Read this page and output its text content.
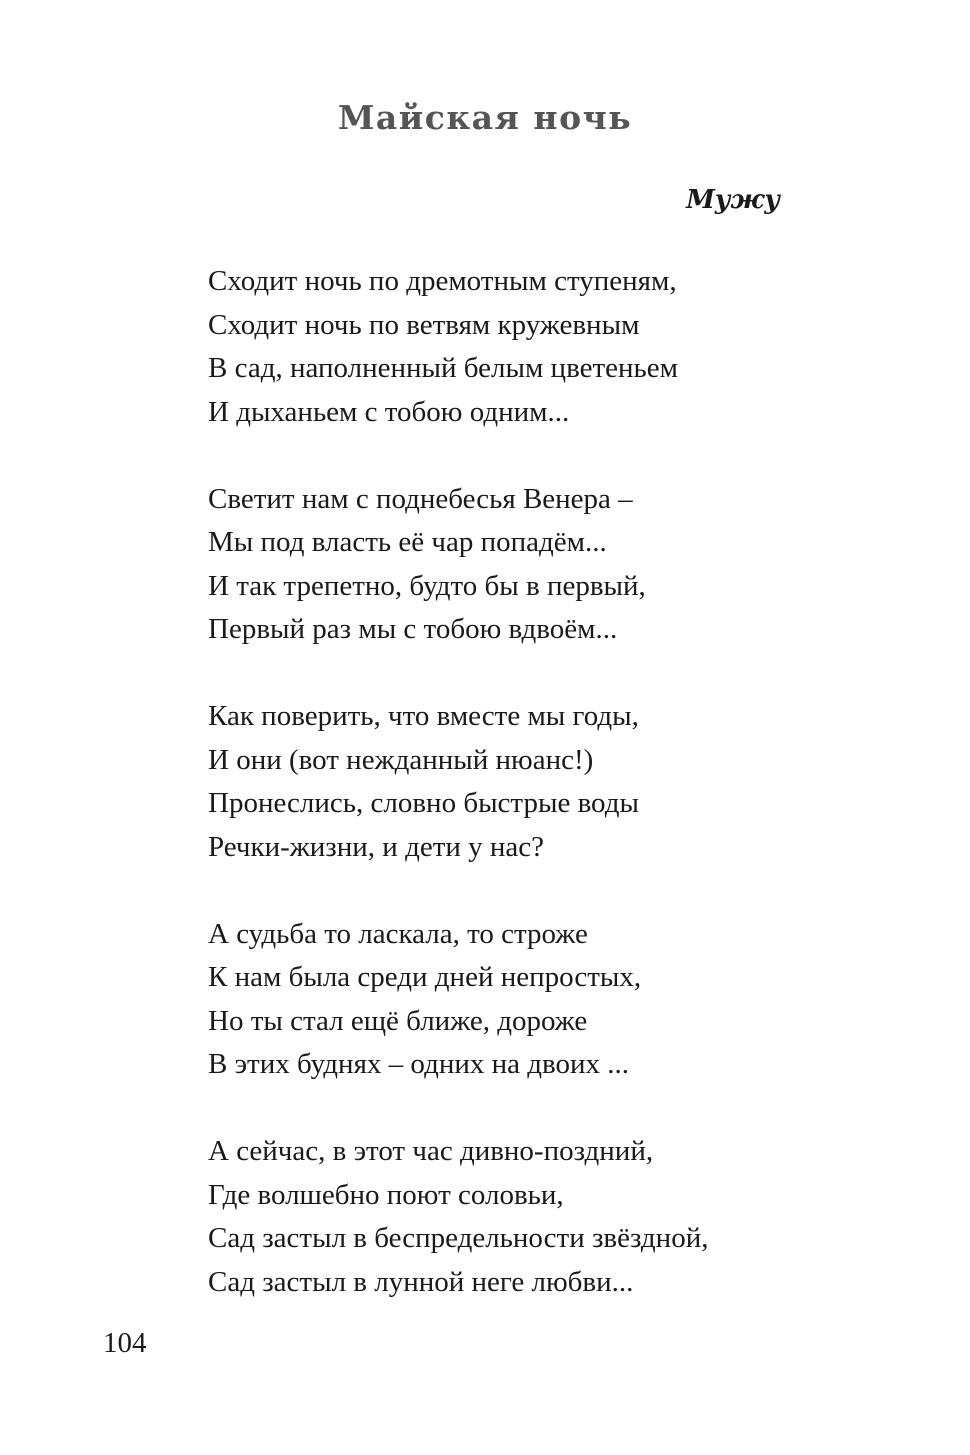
Майская ночь
Мужу
Сходит ночь по дремотным ступеням,
Сходит ночь по ветвям кружевным
В сад, наполненный белым цветеньем
И дыханьем с тобою одним...
Светит нам с поднебесья Венера –
Мы под власть её чар попадём...
И так трепетно, будто бы в первый,
Первый раз мы с тобою вдвоём...
Как поверить, что вместе мы годы,
И они (вот нежданный нюанс!)
Пронеслись, словно быстрые воды
Речки-жизни, и дети у нас?
А судьба то ласкала, то строже
К нам была среди дней непростых,
Но ты стал ещё ближе, дороже
В этих буднях – одних на двоих ...
А сейчас, в этот час дивно-поздний,
Где волшебно поют соловьи,
Сад застыл в беспредельности звёздной,
Сад застыл в лунной неге любви...
104
